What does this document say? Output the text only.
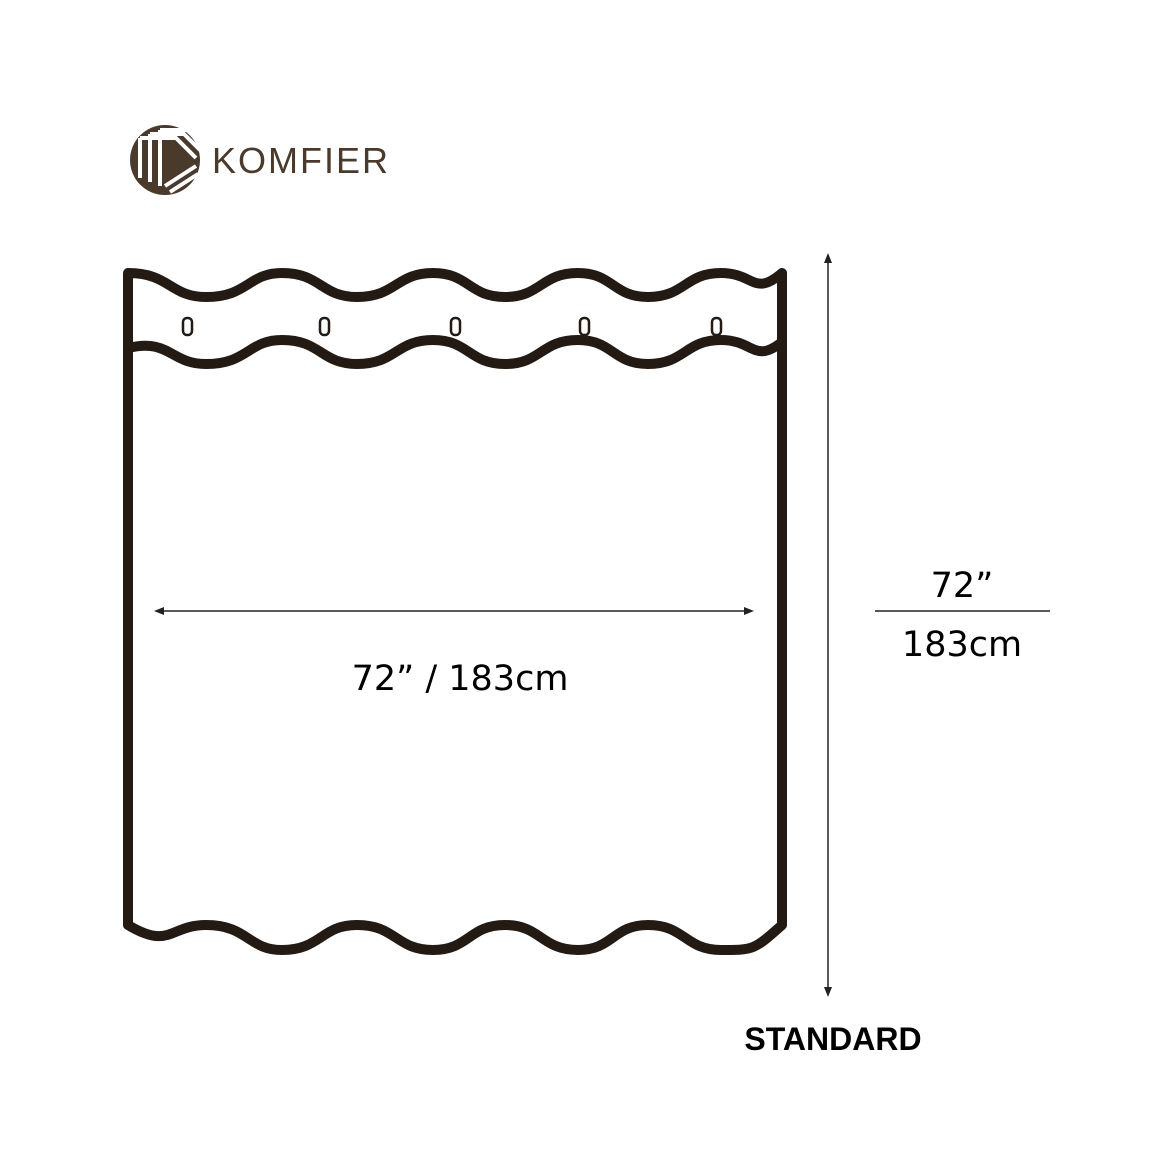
KOMFIER
72” / 183cm
72”
183cm
STANDARD
